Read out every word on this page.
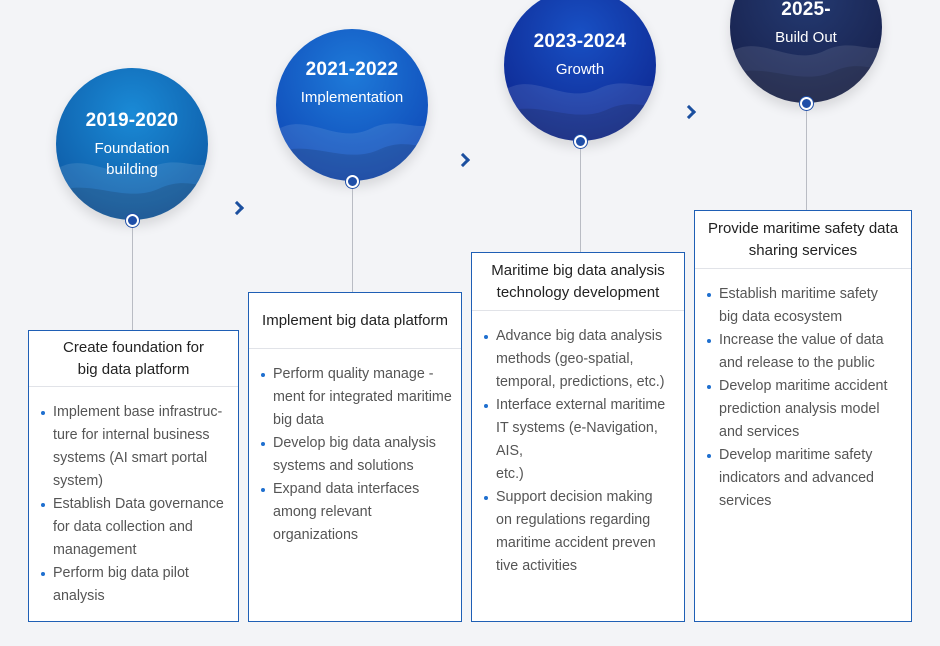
2019-2020
Foundation
building
Create foundation for
big data platform
Implement base infrastruc-
ture for internal business
systems (AI smart portal
system)
Establish Data governance
for data collection and
management
Perform big data pilot
analysis
2021-2022
Implementation
Implement big data platform
Perform quality manage -
ment for integrated maritime
big data
Develop big data analysis
systems and solutions
Expand data interfaces
among relevant organizations
2023-2024
Growth
Maritime big data analysis
technology development
Advance big data analysis
methods (geo-spatial,
temporal, predictions, etc.)
Interface external maritime
IT systems (e-Navigation, AIS,
etc.)
Support decision making
on regulations regarding
maritime accident preven
tive activities
2025-
Build Out
Provide maritime safety data
sharing services
Establish maritime safety
big data ecosystem
Increase the value of data
and release to the public
Develop maritime accident
prediction analysis model
and services
Develop maritime safety
indicators and advanced
services
